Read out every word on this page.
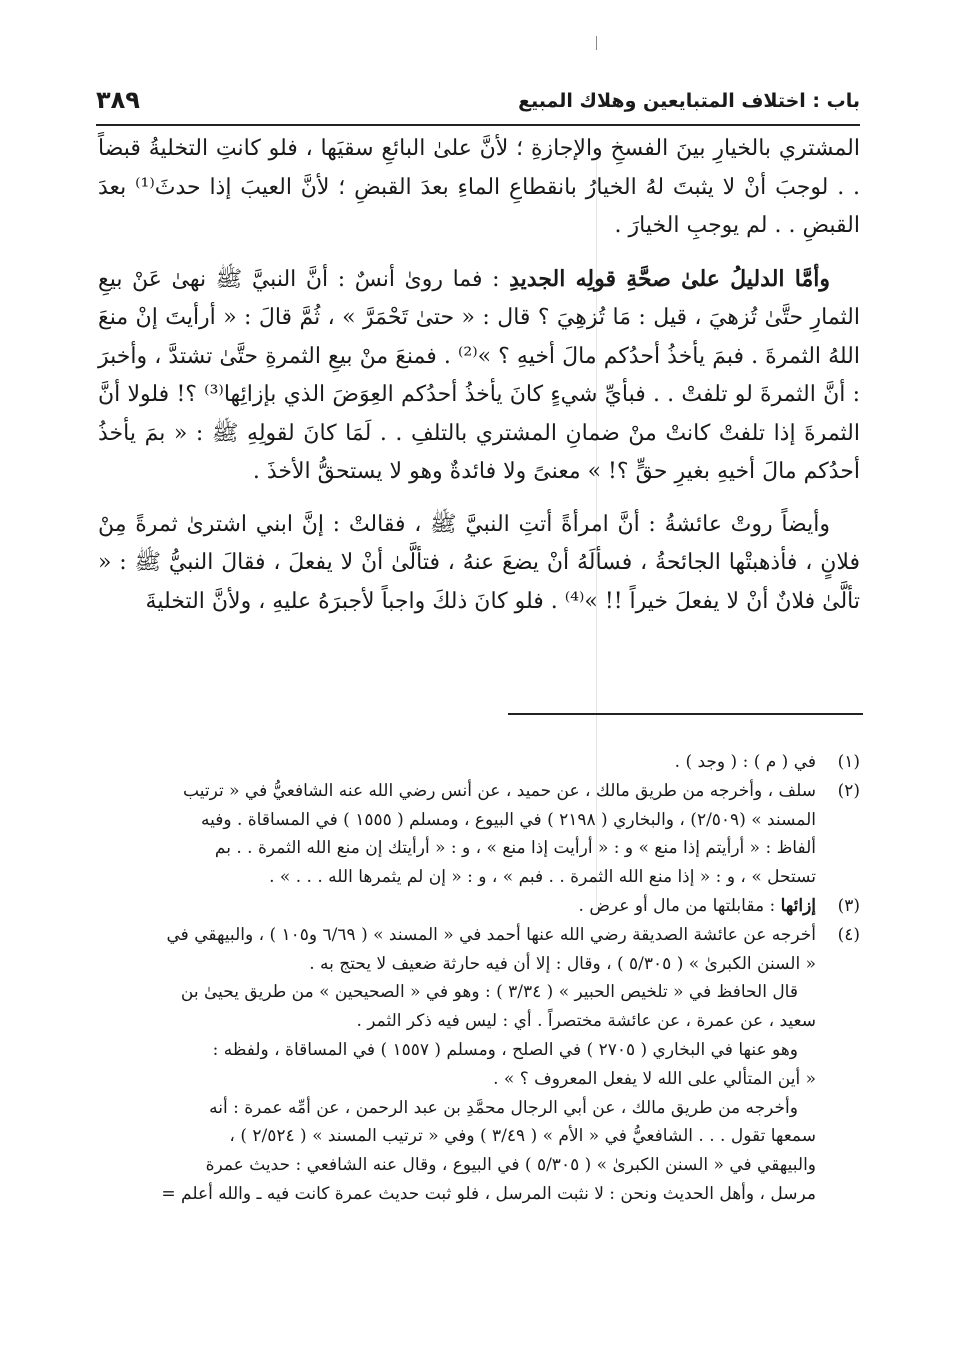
باب : اختلاف المتبايعين وهلاك المبيع
٣٨٩

المشتري بالخيارِ بينَ الفسخِ والإجازةِ ؛ لأنَّ علىٰ البائعِ سقيَها ، فلو كانتِ التخليةُ قبضاً . . لوجبَ أنْ لا يثبتَ لهُ الخيارُ بانقطاعِ الماءِ بعدَ القبضِ ؛ لأنَّ العيبَ إذا حدثَ⁽¹⁾ بعدَ القبضِ . . لم يوجبِ الخيارَ .

وأمَّا الدليلُ علىٰ صحَّةِ قولِه الجديدِ : فما روىٰ أنسٌ : أنَّ النبيَّ ﷺ نهىٰ عَنْ بيعِ الثمارِ حتَّىٰ تُزهيَ ، قيل : مَا تُزهِيَ ؟ قال : « حتىٰ تَحْمَرَّ » ، ثُمَّ قالَ : « أرأيتَ إنْ منعَ اللهُ الثمرةَ . فبمَ يأخذُ أحدُكم مالَ أخيهِ ؟ »⁽²⁾ . فمنعَ منْ بيعِ الثمرةِ حتَّىٰ تشتدَّ ، وأخبرَ : أنَّ الثمرةَ لو تلفتْ . . فبأيِّ شيءٍ كانَ يأخذُ أحدُكم العِوَضَ الذي بإزائِها⁽³⁾ ؟! فلولا أنَّ الثمرةَ إذا تلفتْ كانتْ منْ ضمانِ المشتري بالتلفِ . . لَمَا كانَ لقولِهِ ﷺ : « بمَ يأخذُ أحدُكم مالَ أخيهِ بغيرِ حقٍّ ؟! » معنىً ولا فائدةٌ وهو لا يستحقُّ الأخذَ .

وأيضاً روتْ عائشةُ : أنَّ امرأةً أتتِ النبيَّ ﷺ ، فقالتْ : إنَّ ابني اشترىٰ ثمرةً مِنْ فلانٍ ، فأذهبتْها الجائحةُ ، فسألَهُ أنْ يضعَ عنهُ ، فتألَّىٰ أنْ لا يفعلَ ، فقالَ النبيُّ ﷺ : « تألَّىٰ فلانٌ أنْ لا يفعلَ خيراً !! »⁽⁴⁾ . فلو كانَ ذلكَ واجباً لأجبرَهُ عليهِ ، ولأنَّ التخليةَ

(١)
في ( م ) : ( وجد ) .
(٢)
سلف ، وأخرجه من طريق مالك ، عن حميد ، عن أنس رضي الله عنه الشافعيُّ في « ترتيب
المسند » (٢/٥٠٩) ، والبخاري ( ٢١٩٨ ) في البيوع ، ومسلم ( ١٥٥٥ ) في المساقاة . وفيه
ألفاظ : « أرأيتم إذا منع » و : « أرأيت إذا منع » ، و : « أرأيتك إن منع الله الثمرة . . بم
تستحل » ، و : « إذا منع الله الثمرة . . فبم » ، و : « إن لم يثمرها الله . . . » .
(٣)
إزائها : مقابلتها من مال أو عرض .
(٤)
أخرجه عن عائشة الصديقة رضي الله عنها أحمد في « المسند » ( ٦/٦٩ و١٠٥ ) ، والبيهقي في
« السنن الكبرىٰ » ( ٥/٣٠٥ ) ، وقال : إلا أن فيه حارثة ضعيف لا يحتج به .
قال الحافظ في « تلخيص الحبير » ( ٣/٣٤ ) : وهو في « الصحيحين » من طريق يحيىٰ بن
سعيد ، عن عمرة ، عن عائشة مختصراً . أي : ليس فيه ذكر الثمر .
وهو عنها في البخاري ( ٢٧٠٥ ) في الصلح ، ومسلم ( ١٥٥٧ ) في المساقاة ، ولفظه :
« أين المتألي على الله لا يفعل المعروف ؟ » .
وأخرجه من طريق مالك ، عن أبي الرجال محمَّدِ بن عبد الرحمن ، عن أمِّه عمرة : أنه
سمعها تقول . . . الشافعيُّ في « الأم » ( ٣/٤٩ ) وفي « ترتيب المسند » ( ٢/٥٢٤ ) ،
والبيهقي في « السنن الكبرىٰ » ( ٥/٣٠٥ ) في البيوع ، وقال عنه الشافعي : حديث عمرة
مرسل ، وأهل الحديث ونحن : لا نثبت المرسل ، فلو ثبت حديث عمرة كانت فيه ـ والله أعلم =
